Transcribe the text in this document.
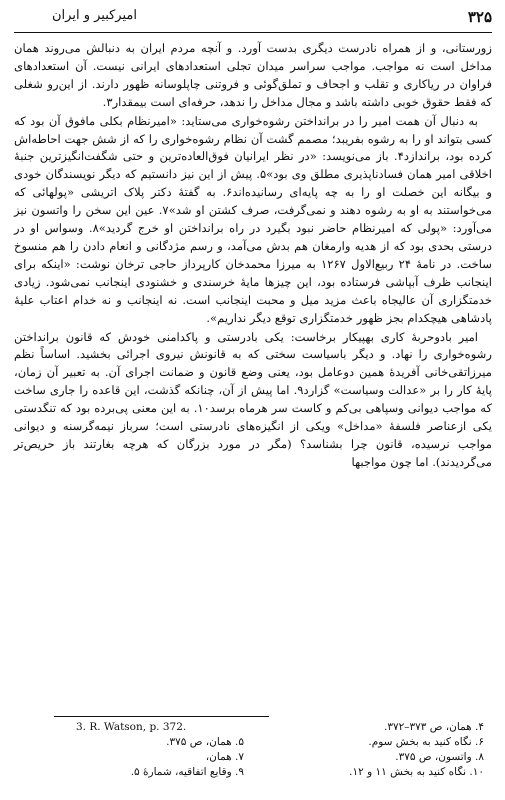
۳۲۵
امیرکبیر و ایران

زورستانی، و از همراه نادرست دیگری بدست آورد. و آنچه مردم ایران به دنبالش می‌روند همان مداخل است نه مواجب. مواجب سراسر میدان تجلی استعدادهای ایرانی نیست. آن استعدادهای فراوان در ریاکاری و تقلب و اجحاف و تملق‌گوئی و فروتنی چاپلوسانه ظهور دارند. از این‌رو شغلی که فقط حقوق خوبی داشته باشد و مجال مداخل را ندهد، حرفه‌ای است بیمقدار۳.

به دنبال آن همت امیر را در برانداختن رشوه‌خواری می‌ستاید: «امیرنظام بکلی مافوق آن بود که کسی بتواند او را به رشوه بفریبد؛ مصمم گشت آن نظام رشوه‌خواری را که از شش جهت احاطه‌اش کرده بود، براندازد۴. باز می‌نویسد: «در نظر ایرانیان فوق‌العاده‌ترین و حتی شگفت‌انگیزترین جنبهٔ اخلاقی امیر همان فسادناپذیری مطلق وی بود»۵. پیش از این نیز دانستیم که دیگر نویسندگان خودی و بیگانه این خصلت او را به چه پایه‌ای رسانیده‌اند۶. به گفتهٔ دکتر پلاک اتریشی «پولهائی که می‌خواستند به او به رشوه دهند و نمی‌گرفت، صرف کشتن او شد»۷. عین این سخن را واتسون نیز می‌آورد: «پولی که امیرنظام حاضر نبود بگیرد در راه برانداختن او خرج گردید»۸. وسواس او در درستی بحدی بود که از هدیه وارمغان هم بدش می‌آمد، و رسم مژدگانی و انعام دادن را هم منسوخ ساخت. در نامهٔ ۲۴ ربیع‌الاول ۱۲۶۷ به میرزا محمدخان کارپرداز حاجی ترخان نوشت: «اینکه برای اینجانب ظرف آبپاشی فرستاده بود، این چیزها مایهٔ خرسندی و خشنودی اینجانب نمی‌شود. زیادی خدمتگزاری آن عالیجاه باعث مزید میل و محبت اینجانب است. نه اینجانب و نه خدام اعتاب علیهٔ پادشاهی هیچکدام بجز ظهور خدمتگزاری توقع دیگر نداریم».

امیر بادوحربهٔ کاری بهپیکار برخاست: یکی بادرستی و پاکدامنی خودش که قانون برانداختن رشوه‌خواری را نهاد. و دیگر باسیاست سختی که به قانونش نیروی اجرائی بخشید. اساساً نظم میرزاتقی‌خانی آفریدهٔ همین دوعامل بود، یعنی وضع قانون و ضمانت اجرای آن. به تعبیر آن زمان، پایهٔ کار را بر «عدالت وسیاست» گزارد۹. اما پیش از آن، چنانکه گذشت، این قاعده را جاری ساخت که مواجب دیوانی وسپاهی بی‌کم و کاست سر هرماه برسد۱۰. به این معنی پی‌برده بود که تنگدستی یکی ازعناصر فلسفهٔ «مداخل» ویکی از انگیزه‌های نادرستی است؛ سرباز نیمه‌گرسنه و دیوانی مواجب نرسیده، قانون چرا بشناسد؟ (مگر در مورد بزرگان که هرچه بغارتند باز حریص‌تر می‌گردیدند). اما چون مواجبها

3. R. Watson, p. 372.
۵. همان، ص ۳۷۵.
۷. همان،
۹. وقایع اتفاقیه، شمارهٔ ۵.
۴. همان، ص ۳۷۳–۳۷۲.
۶. نگاه کنید به بخش سوم.
۸. واتسون، ص ۳۷۵.
۱۰. نگاه کنید به بخش ۱۱ و ۱۲.
